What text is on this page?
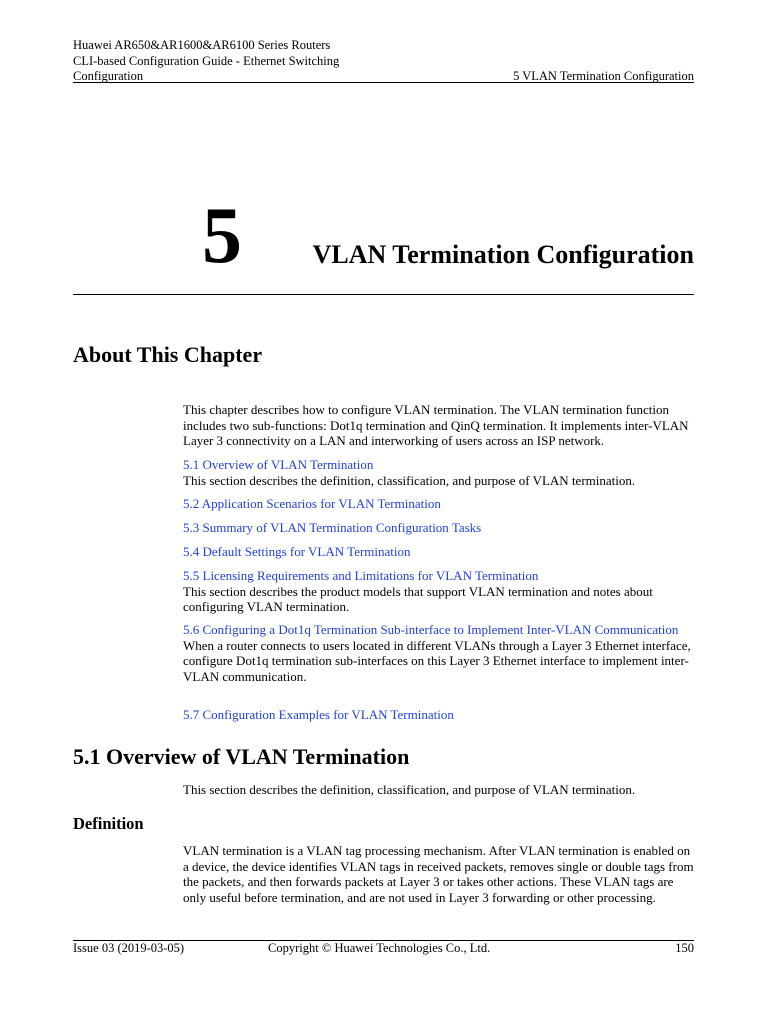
Huawei AR650&AR1600&AR6100 Series Routers
CLI-based Configuration Guide - Ethernet Switching
Configuration	5 VLAN Termination Configuration
5	VLAN Termination Configuration
About This Chapter

This chapter describes how to configure VLAN termination. The VLAN termination function includes two sub-functions: Dot1q termination and QinQ termination. It implements inter-VLAN Layer 3 connectivity on a LAN and interworking of users across an ISP network.

5.1 Overview of VLAN Termination
This section describes the definition, classification, and purpose of VLAN termination.
5.2 Application Scenarios for VLAN Termination
5.3 Summary of VLAN Termination Configuration Tasks
5.4 Default Settings for VLAN Termination
5.5 Licensing Requirements and Limitations for VLAN Termination
This section describes the product models that support VLAN termination and notes about configuring VLAN termination.
5.6 Configuring a Dot1q Termination Sub-interface to Implement Inter-VLAN Communication
When a router connects to users located in different VLANs through a Layer 3 Ethernet interface, configure Dot1q termination sub-interfaces on this Layer 3 Ethernet interface to implement inter-VLAN communication.
5.7 Configuration Examples for VLAN Termination
5.1 Overview of VLAN Termination

This section describes the definition, classification, and purpose of VLAN termination.

Definition

VLAN termination is a VLAN tag processing mechanism. After VLAN termination is enabled on a device, the device identifies VLAN tags in received packets, removes single or double tags from the packets, and then forwards packets at Layer 3 or takes other actions. These VLAN tags are only useful before termination, and are not used in Layer 3 forwarding or other processing.

Issue 03 (2019-03-05)	Copyright © Huawei Technologies Co., Ltd.	150
